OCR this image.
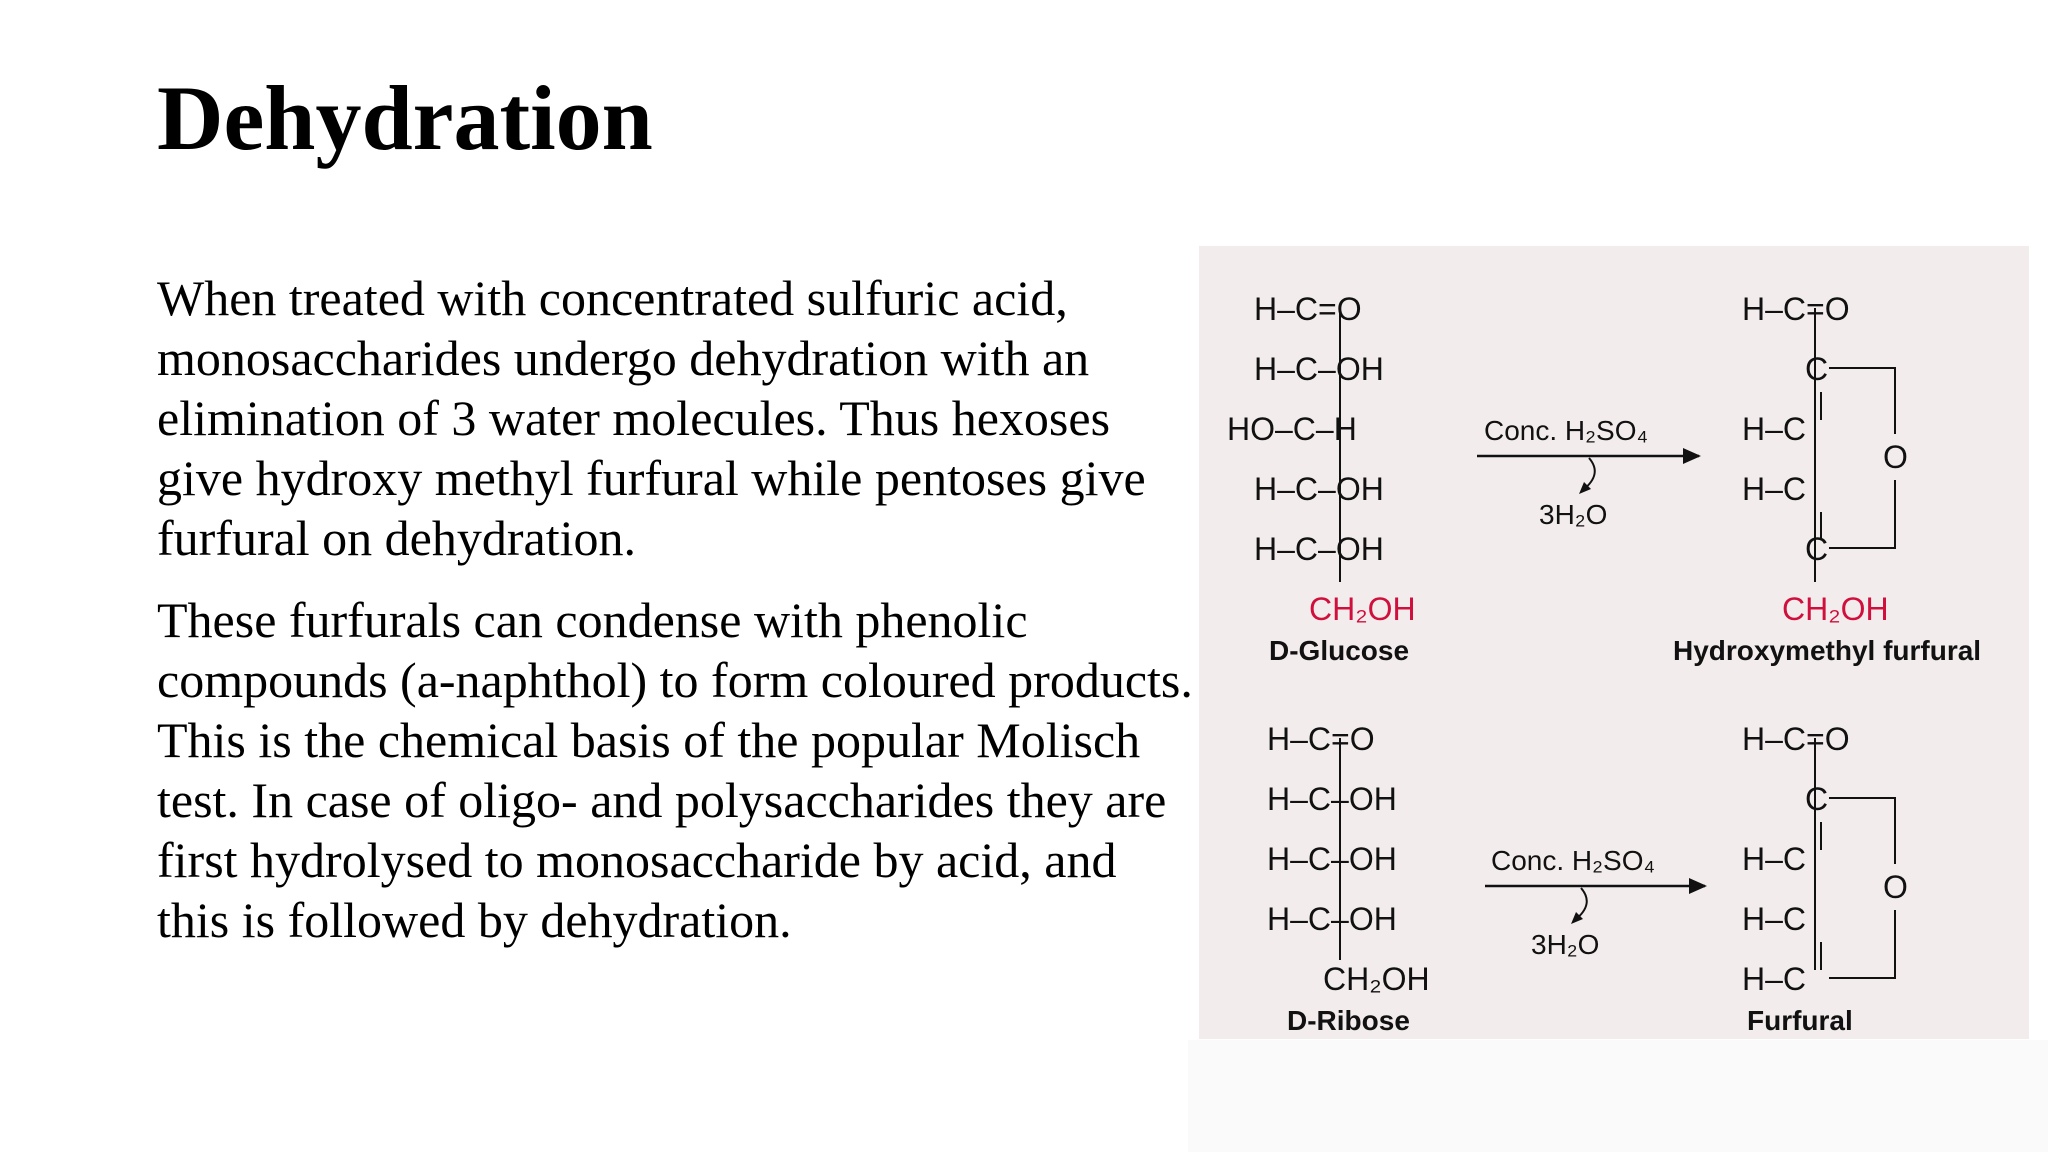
Dehydration

When treated with concentrated sulfuric acid, monosaccharides undergo dehydration with an elimination of 3 water molecules. Thus hexoses give hydroxy methyl furfural while pentoses give furfural on dehydration.

These furfurals can condense with phenolic compounds (a-naphthol) to form coloured products. This is the chemical basis of the popular Molisch test. In case of oligo- and polysaccharides they are first hydrolysed to monosaccharide by acid, and this is followed by dehydration.

H–C=O
H–C–OH
HO–C–H
H–C–OH
H–C–OH
CH₂OH
D-Glucose
Conc. H₂SO₄
3H₂O
H–C=O
C
H–C
H–C
C
O
CH₂OH
Hydroxymethyl furfural
H–C=O
H–C–OH
H–C–OH
H–C–OH
CH₂OH
D-Ribose
Conc. H₂SO₄
3H₂O
H–C=O
C
H–C
H–C
H–C
O
Furfural
